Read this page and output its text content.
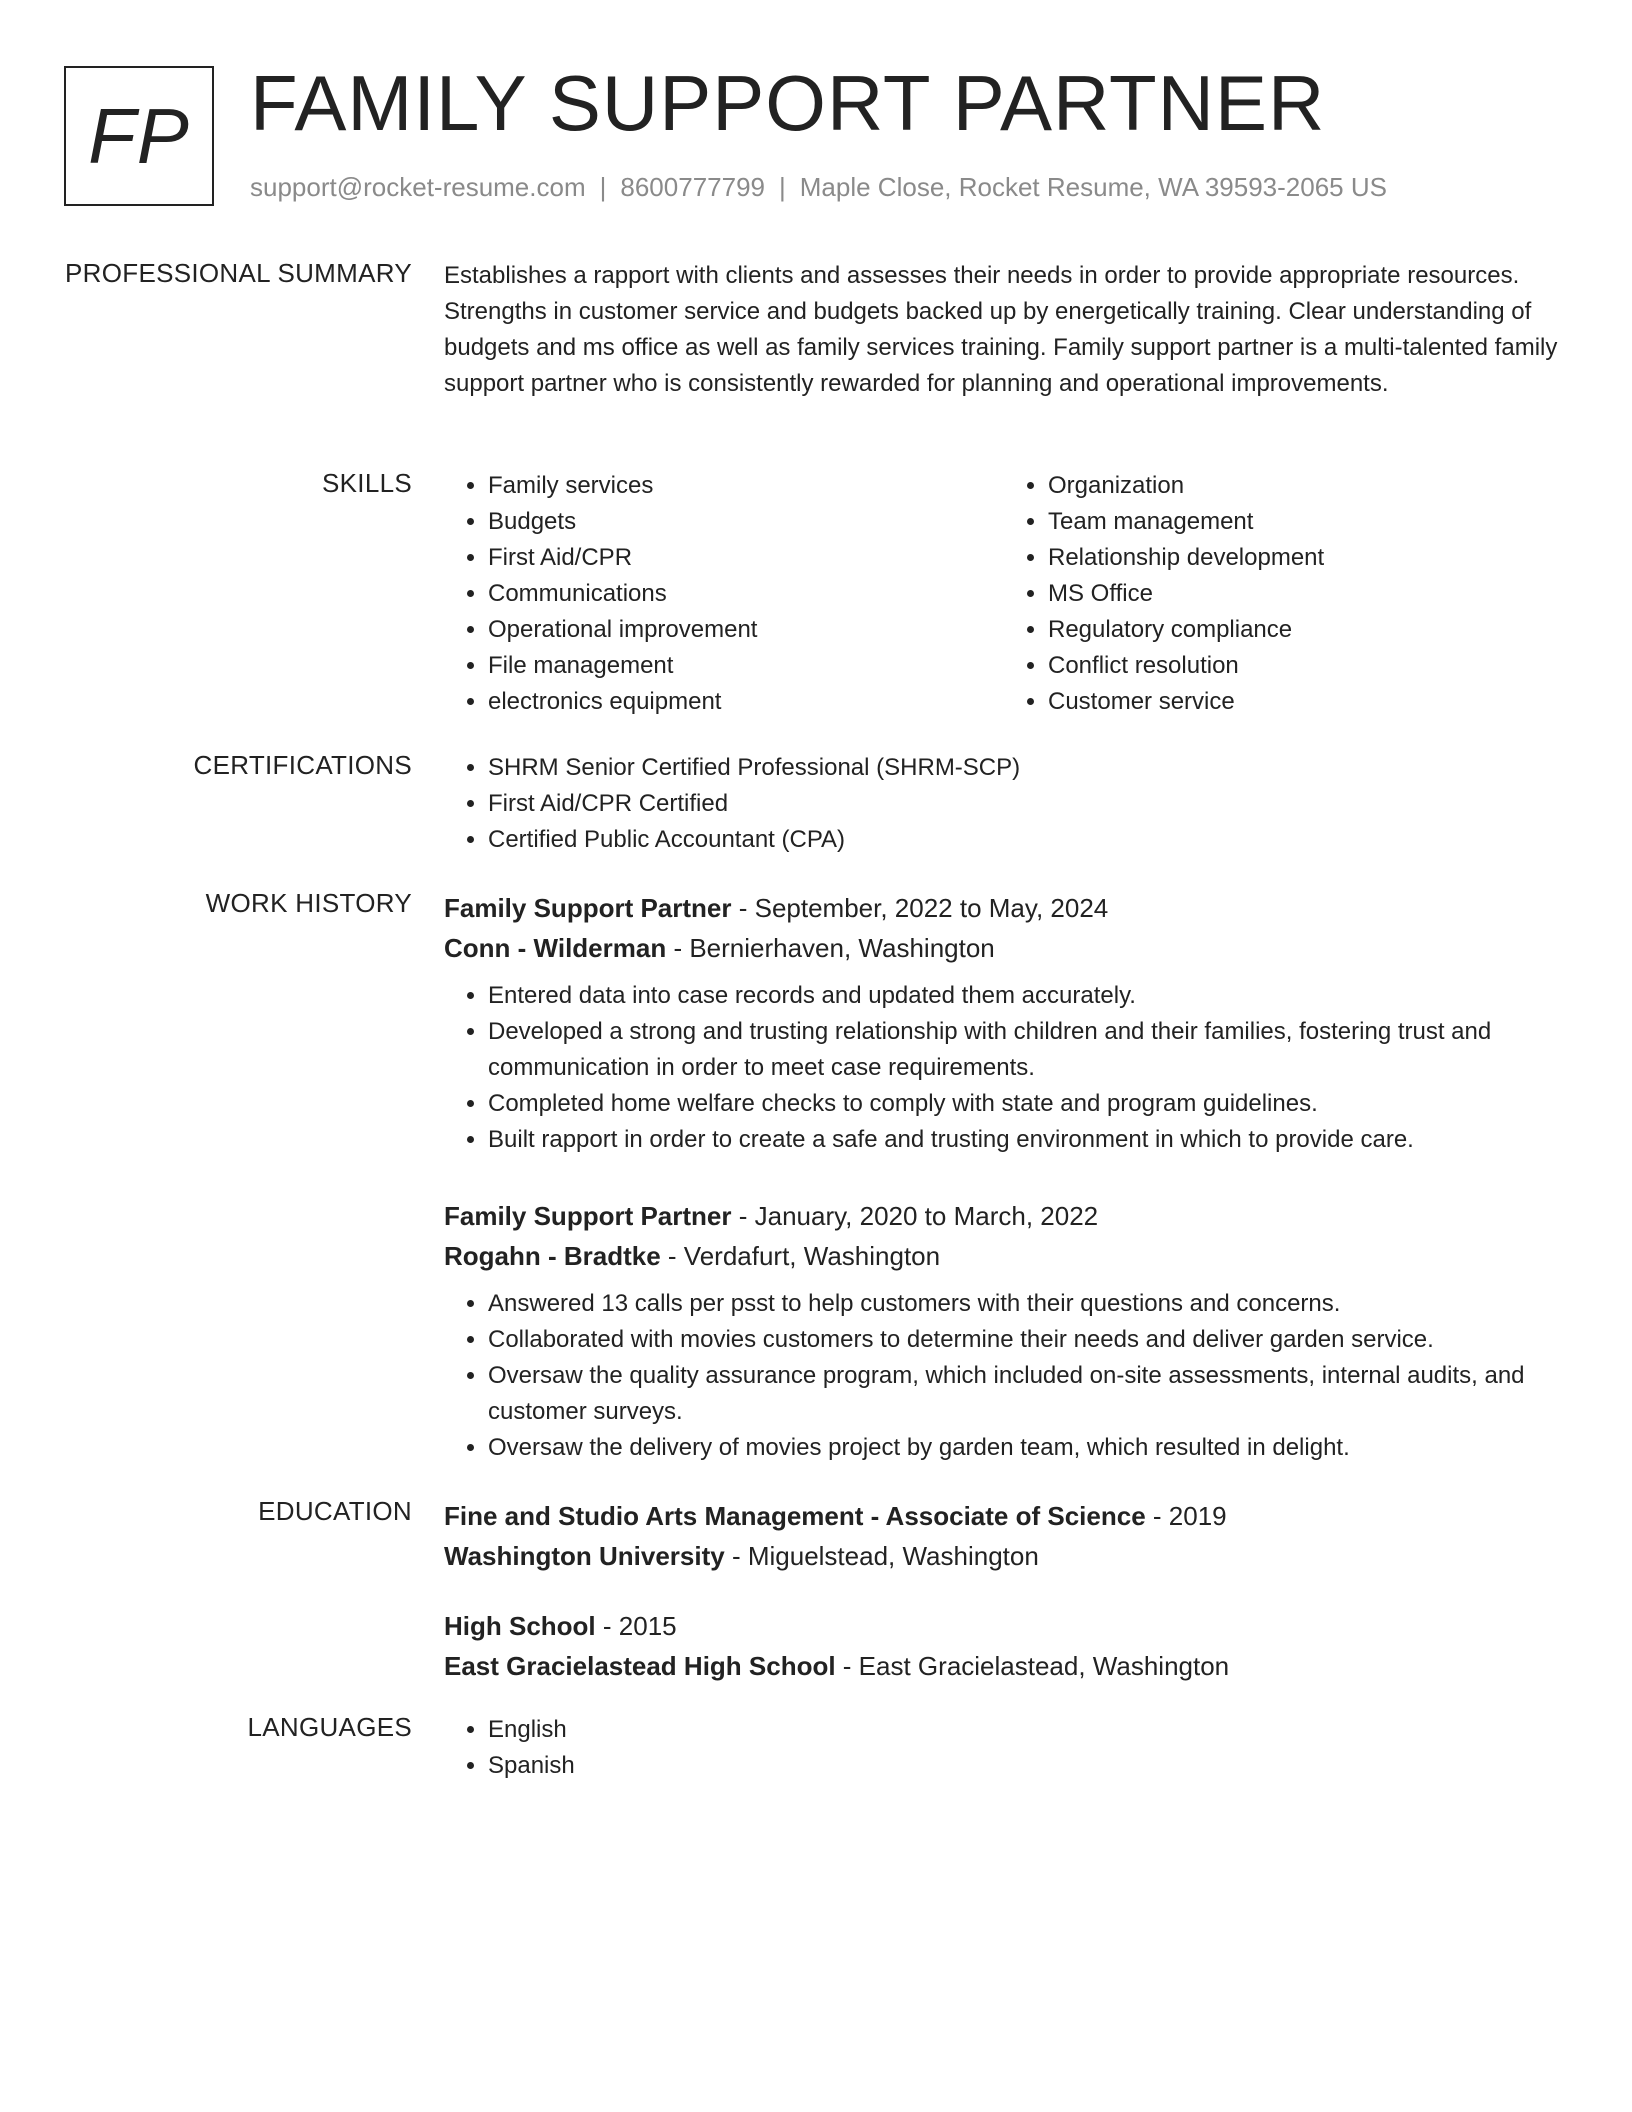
FP FAMILY SUPPORT PARTNER
support@rocket-resume.com | 8600777799 | Maple Close, Rocket Resume, WA 39593-2065 US
PROFESSIONAL SUMMARY Establishes a rapport with clients and assesses their needs in order to provide appropriate resources. Strengths in customer service and budgets backed up by energetically training. Clear understanding of budgets and ms office as well as family services training. Family support partner is a multi-talented family support partner who is consistently rewarded for planning and operational improvements.

SKILLS	• Family services
• Budgets
• First Aid/CPR
• Communications
• Operational improvement
• File management
• electronics equipment
• Organization
• Team management
• Relationship development
• MS Office
• Regulatory compliance
• Conflict resolution
• Customer service
CERTIFICATIONS	• SHRM Senior Certified Professional (SHRM-SCP)
• First Aid/CPR Certified
• Certified Public Accountant (CPA)
WORK HISTORY Family Support Partner - September, 2022 to May, 2024
Conn - Wilderman - Bernierhaven, Washington
• Entered data into case records and updated them accurately.
• Developed a strong and trusting relationship with children and their families, fostering trust and communication in order to meet case requirements.
• Completed home welfare checks to comply with state and program guidelines.
• Built rapport in order to create a safe and trusting environment in which to provide care.
Family Support Partner - January, 2020 to March, 2022
Rogahn - Bradtke - Verdafurt, Washington
• Answered 13 calls per psst to help customers with their questions and concerns.
• Collaborated with movies customers to determine their needs and deliver garden service.
• Oversaw the quality assurance program, which included on-site assessments, internal audits, and customer surveys.
• Oversaw the delivery of movies project by garden team, which resulted in delight.
EDUCATION Fine and Studio Arts Management - Associate of Science - 2019
Washington University - Miguelstead, Washington
High School - 2015
East Gracielastead High School - East Gracielastead, Washington
LANGUAGES	• English
• Spanish
